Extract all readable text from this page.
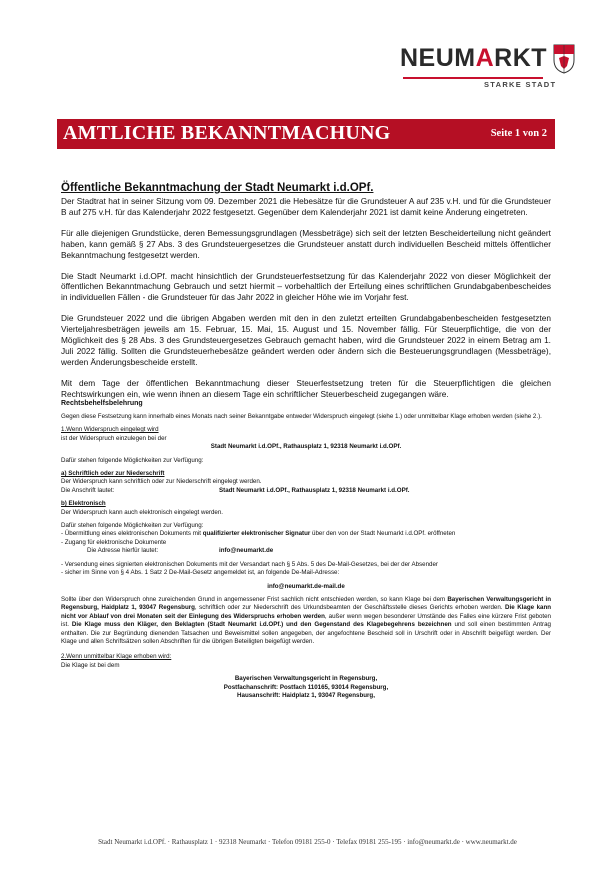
NEUMARKT
STARKE STADT
AMTLICHE BEKANNTMACHUNG	Seite 1 von 2
Öffentliche Bekanntmachung der Stadt Neumarkt i.d.OPf.

Der Stadtrat hat in seiner Sitzung vom 09. Dezember 2021 die Hebesätze für die Grundsteuer A auf 235 v.H. und für die Grundsteuer B auf 275 v.H. für das Kalenderjahr 2022 festgesetzt. Gegenüber dem Kalenderjahr 2021 ist damit keine Änderung eingetreten.

Für alle diejenigen Grundstücke, deren Bemessungsgrundlagen (Messbeträge) sich seit der letzten Bescheiderteilung nicht geändert haben, kann gemäß § 27 Abs. 3 des Grundsteuergesetzes die Grundsteuer anstatt durch individuellen Bescheid mittels öffentlicher Bekanntmachung festgesetzt werden.

Die Stadt Neumarkt i.d.OPf. macht hinsichtlich der Grundsteuerfestsetzung für das Kalenderjahr 2022 von dieser Möglichkeit der öffentlichen Bekanntmachung Gebrauch und setzt hiermit – vorbehaltlich der Erteilung eines schriftlichen Grundabgabenbescheides in individuellen Fällen - die Grundsteuer für das Jahr 2022 in gleicher Höhe wie im Vorjahr fest.

Die Grundsteuer 2022 und die übrigen Abgaben werden mit den in den zuletzt erteilten Grundabgabenbescheiden festgesetzten Vierteljahresbeträgen jeweils am 15. Februar, 15. Mai, 15. August und 15. November fällig. Für Steuerpflichtige, die von der Möglichkeit des § 28 Abs. 3 des Grundsteuergesetzes Gebrauch gemacht haben, wird die Grundsteuer 2022 in einem Betrag am 1. Juli 2022 fällig. Sollten die Grundsteuerhebesätze geändert werden oder ändern sich die Besteuerungsgrundlagen (Messbeträge), werden Änderungsbescheide erstellt.

Mit dem Tage der öffentlichen Bekanntmachung dieser Steuerfestsetzung treten für die Steuerpflichtigen die gleichen Rechtswirkungen ein, wie wenn ihnen an diesem Tage ein schriftlicher Steuerbescheid zugegangen wäre.

Rechtsbehelfsbelehrung

Gegen diese Festsetzung kann innerhalb eines Monats nach seiner Bekanntgabe entweder Widerspruch eingelegt (siehe 1.) oder unmittelbar Klage erhoben werden (siehe 2.).

1.Wenn Widerspruch eingelegt wird

ist der Widerspruch einzulegen bei der

Stadt Neumarkt i.d.OPf., Rathausplatz 1, 92318 Neumarkt i.d.OPf.

Dafür stehen folgende Möglichkeiten zur Verfügung:

a) Schriftlich oder zur Niederschrift

Der Widerspruch kann schriftlich oder zur Niederschrift eingelegt werden.

Die Anschrift lautet:	Stadt Neumarkt i.d.OPf., Rathausplatz 1, 92318 Neumarkt i.d.OPf.

b) Elektronisch

Der Widerspruch kann auch elektronisch eingelegt werden.

Dafür stehen folgende Möglichkeiten zur Verfügung:

- Übermittlung eines elektronischen Dokuments mit qualifizierter elektronischer Signatur über den von der Stadt Neumarkt i.d.OPf. eröffneten

- Zugang für elektronische Dokumente

Die Adresse hierfür lautet:	info@neumarkt.de

- Versendung eines signierten elektronischen Dokuments mit der Versandart nach § 5 Abs. 5 des De-Mail-Gesetzes, bei der der Absender

- sicher im Sinne von § 4 Abs. 1 Satz 2 De-Mail-Gesetz angemeldet ist, an folgende De-Mail-Adresse:

info@neumarkt.de-mail.de

Sollte über den Widerspruch ohne zureichenden Grund in angemessener Frist sachlich nicht entschieden werden, so kann Klage bei dem Bayerischen Verwaltungsgericht in Regensburg, Haidplatz 1, 93047 Regensburg, schriftlich oder zur Niederschrift des Urkundsbeamten der Geschäftsstelle dieses Gerichts erhoben werden. Die Klage kann nicht vor Ablauf von drei Monaten seit der Einlegung des Widerspruchs erhoben werden, außer wenn wegen besonderer Umstände des Falles eine kürzere Frist geboten ist. Die Klage muss den Kläger, den Beklagten (Stadt Neumarkt i.d.OPf.) und den Gegenstand des Klagebegehrens bezeichnen und soll einen bestimmten Antrag enthalten. Die zur Begründung dienenden Tatsachen und Beweismittel sollen angegeben, der angefochtene Bescheid soll in Urschrift oder in Abschrift beigefügt werden. Der Klage und allen Schriftsätzen sollen Abschriften für die übrigen Beteiligten beigefügt werden.

2.Wenn unmittelbar Klage erhoben wird:

Die Klage ist bei dem

Bayerischen Verwaltungsgericht in Regensburg,

Postfachanschrift: Postfach 110165, 93014 Regensburg,

Hausanschrift: Haidplatz 1, 93047 Regensburg,

Stadt Neumarkt i.d.OPf. · Rathausplatz 1 · 92318 Neumarkt · Telefon 09181 255-0 · Telefax 09181 255-195 · info@neumarkt.de · www.neumarkt.de
